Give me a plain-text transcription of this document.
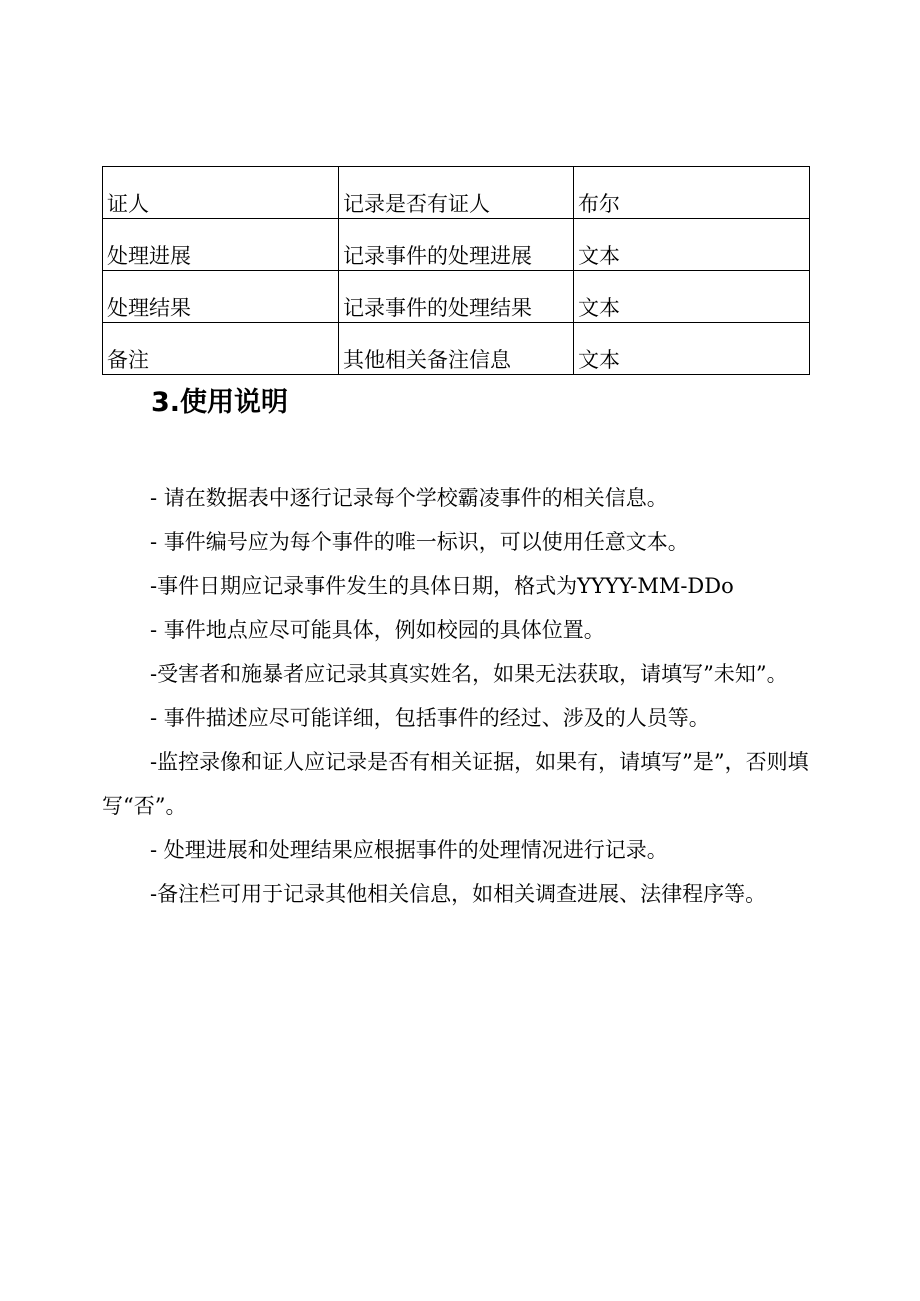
证人	记录是否有证人	布尔
处理进展	记录事件的处理进展	文本
处理结果	记录事件的处理结果	文本
备注	其他相关备注信息	文本
3.使用说明
- 请在数据表中逐行记录每个学校霸凌事件的相关信息。
- 事件编号应为每个事件的唯一标识，可以使用任意文本。
-事件日期应记录事件发生的具体日期，格式为YYYY-MM-DDo
- 事件地点应尽可能具体，例如校园的具体位置。
-受害者和施暴者应记录其真实姓名，如果无法获取，请填写”未知”。
- 事件描述应尽可能详细，包括事件的经过、涉及的人员等。
-监控录像和证人应记录是否有相关证据，如果有，请填写”是”，否则填写“否”。
- 处理进展和处理结果应根据事件的处理情况进行记录。
-备注栏可用于记录其他相关信息，如相关调查进展、法律程序等。
